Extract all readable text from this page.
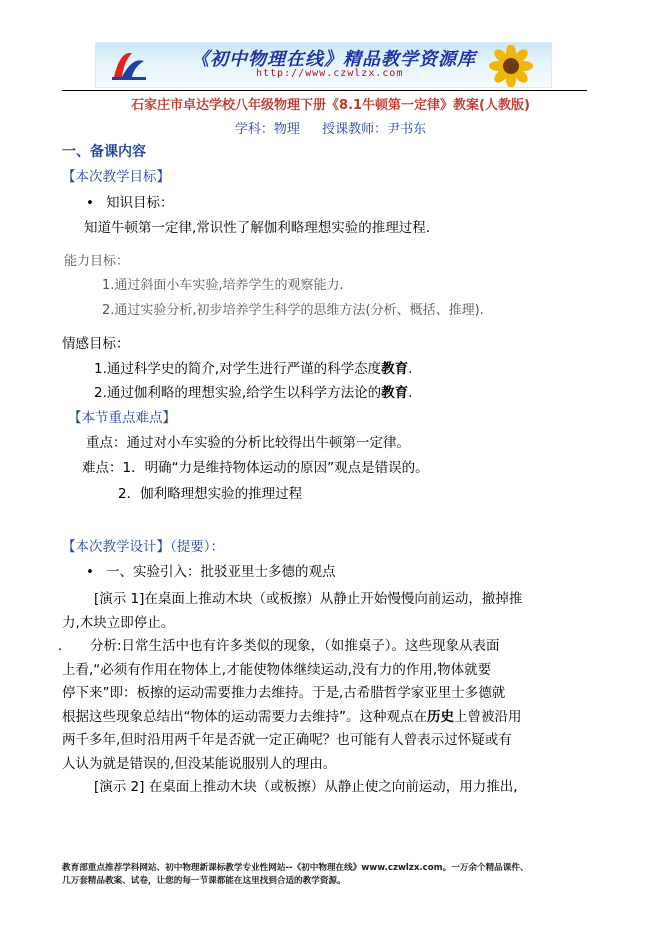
《初中物理在线》精品教学资源库
http://www.czwlzx.com
石家庄市卓达学校八年级物理下册《8.1牛顿第一定律》教案(人教版)
学科：物理 授课教师：尹书东
一、备课内容
【本次教学目标】
• 知识目标：
知道牛顿第一定律,常识性了解伽利略理想实验的推理过程.
能力目标：
1.通过斜面小车实验,培养学生的观察能力.
2.通过实验分析,初步培养学生科学的思维方法(分析、概括、推理).
情感目标：
1.通过科学史的简介,对学生进行严谨的科学态度教育.
2.通过伽利略的理想实验,给学生以科学方法论的教育.
【本节重点难点】
重点：通过对小车实验的分析比较得出牛顿第一定律。
难点：1．明确“力是维持物体运动的原因”观点是错误的。
2．伽利略理想实验的推理过程
【本次教学设计】（提要）：
• 一、实验引入：批驳亚里士多德的观点

[演示 1]在桌面上推动木块（或板擦）从静止开始慢慢向前运动，撤掉推

力,木块立即停止。

. 分析:日常生活中也有许多类似的现象，（如推桌子）。这些现象从表面

上看,“必须有作用在物体上,才能使物体继续运动,没有力的作用,物体就要

停下来”即：板擦的运动需要推力去维持。于是,古希腊哲学家亚里士多德就

根据这些现象总结出“物体的运动需要力去维持”。这种观点在历史上曾被沿用

两千多年,但时沿用两千年是否就一定正确呢？也可能有人曾表示过怀疑或有

人认为就是错误的,但没某能说服别人的理由。

[演示 2] 在桌面上推动木块（或板擦）从静止使之向前运动，用力推出,

教育部重点推荐学科网站、初中物理新课标教学专业性网站--《初中物理在线》www.czwlzx.com。一万余个精品课件、
几万套精品教案、试卷，让您的每一节课都能在这里找到合适的教学资源。
